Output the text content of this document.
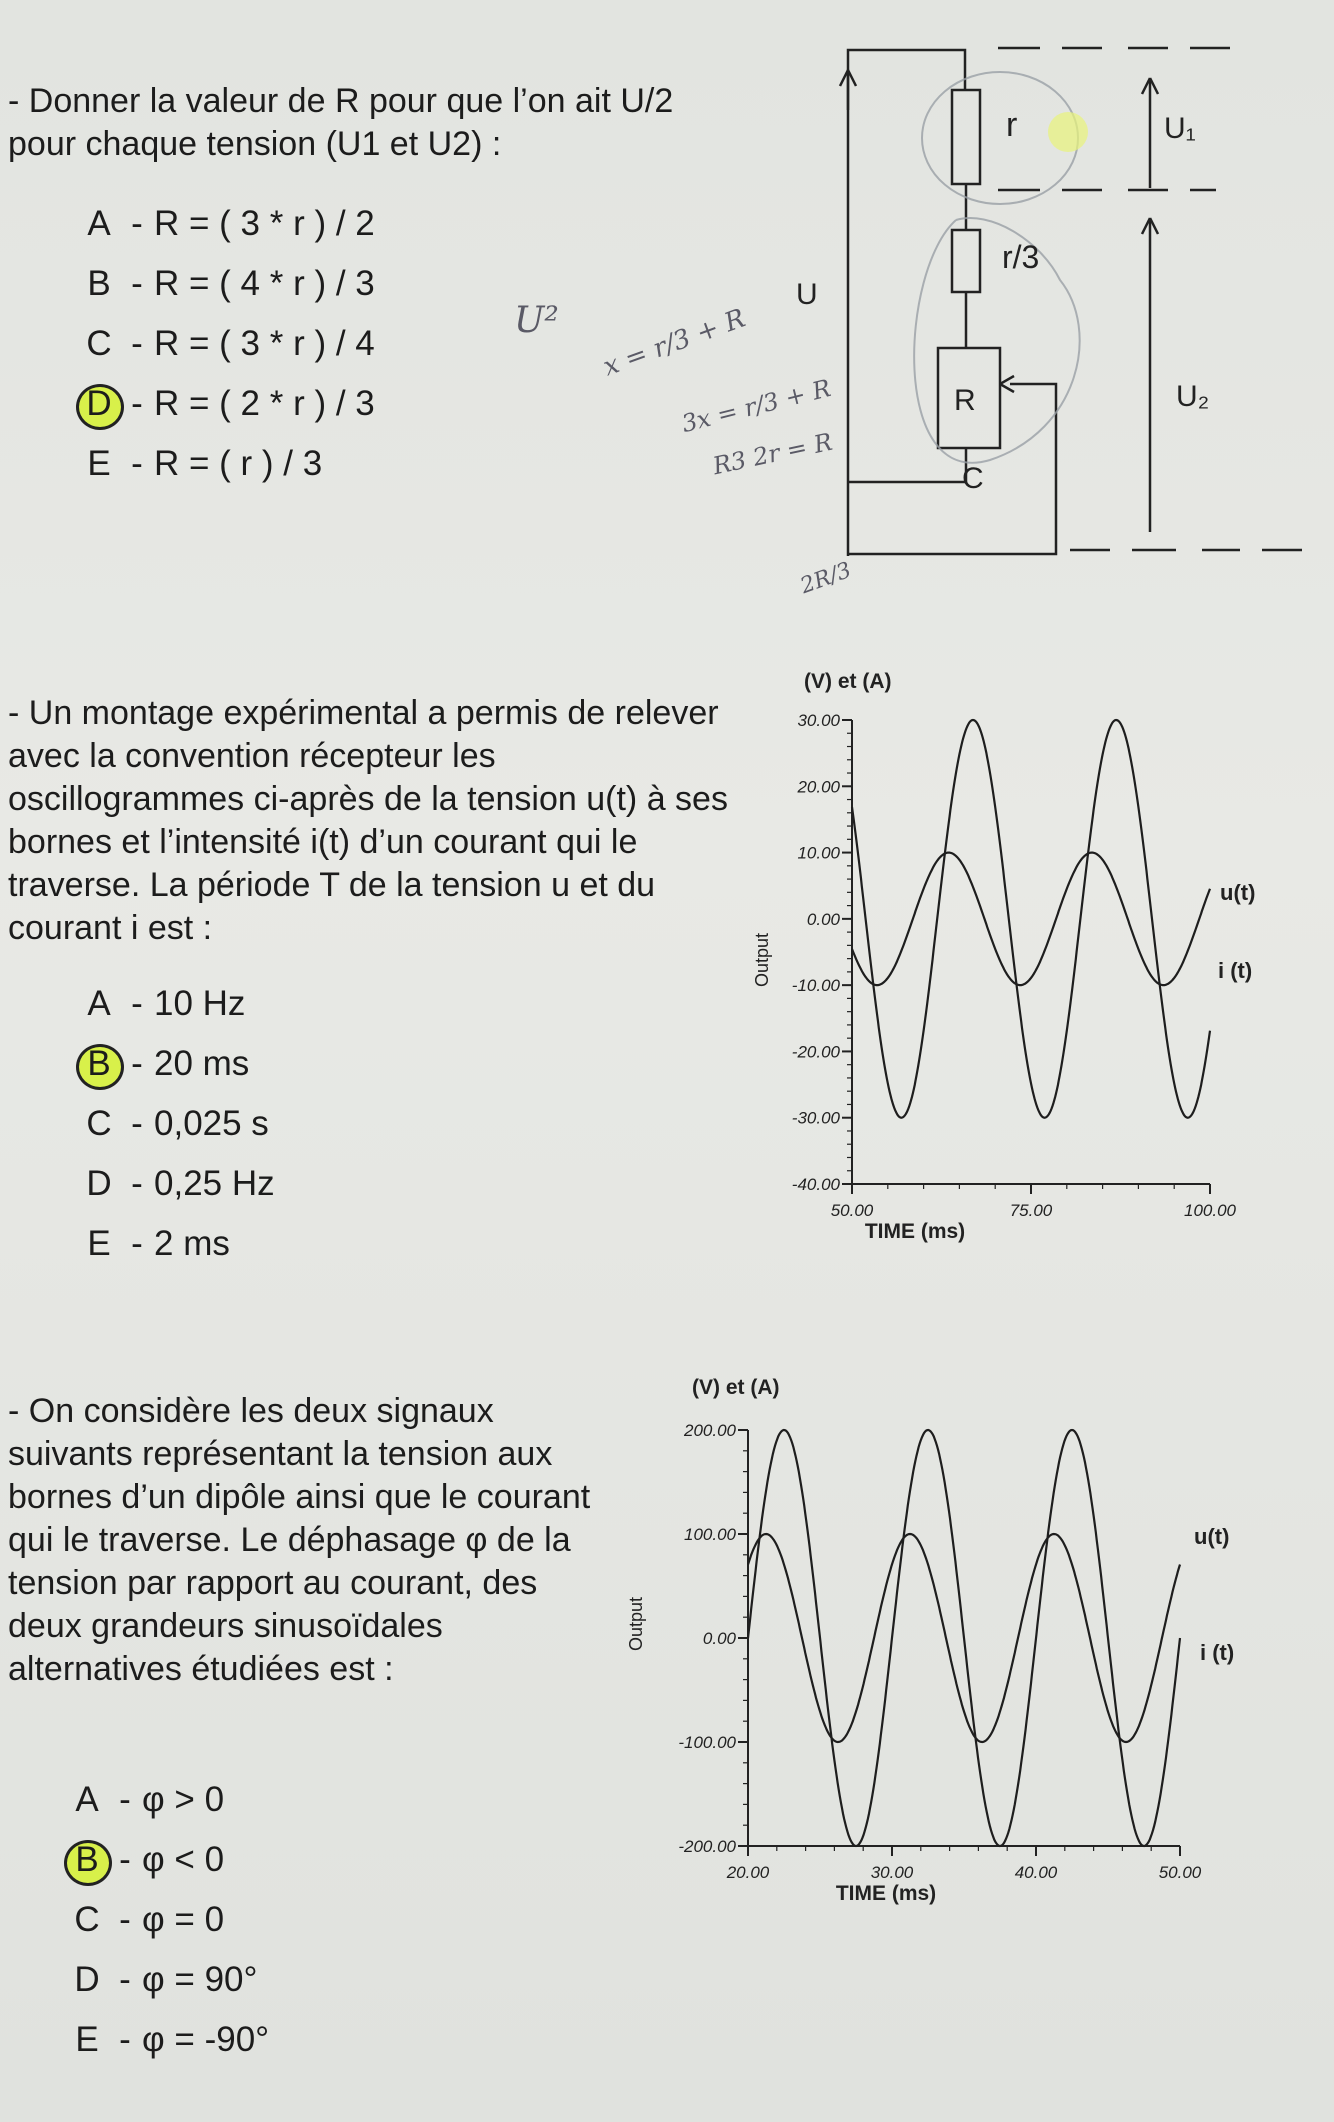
- Donner la valeur de R pour que l’on ait U/2 pour chaque tension (U1 et U2) :
A - R = ( 3 * r ) / 2
B - R = ( 4 * r ) / 3
C - R = ( 3 * r ) / 4
D - R = ( 2 * r ) / 3
E - R = ( r ) / 3
r
r/3
R
C
U
U₁
U₂
U² x = r/3 + R
3x = r/3 + R
R3 2r = R
2R/3
- Un montage expérimental a permis de relever avec la convention récepteur les oscillogrammes ci-après de la tension u(t) à ses bornes et l’intensité i(t) d’un courant qui le traverse. La période T de la tension u et du courant i est :
A - 10 Hz
B - 20 ms
C - 0,025 s
D - 0,25 Hz
E - 2 ms
(V) et (A)
Output
TIME (ms)
30.00
20.00
10.00
0.00
-10.00
-20.00
-30.00
-40.00
50.00	75.00	100.00
u(t)
i (t)
- On considère les deux signaux suivants représentant la tension aux bornes d’un dipôle ainsi que le courant qui le traverse. Le déphasage φ de la tension par rapport au courant, des deux grandeurs sinusoïdales alternatives étudiées est :
A - φ > 0
B - φ < 0
C - φ = 0
D - φ = 90°
E - φ = -90°
(V) et (A)
Output
TIME (ms)
200.00
100.00
0.00
-100.00
-200.00
20.00	30.00	40.00	50.00
u(t)
i (t)
